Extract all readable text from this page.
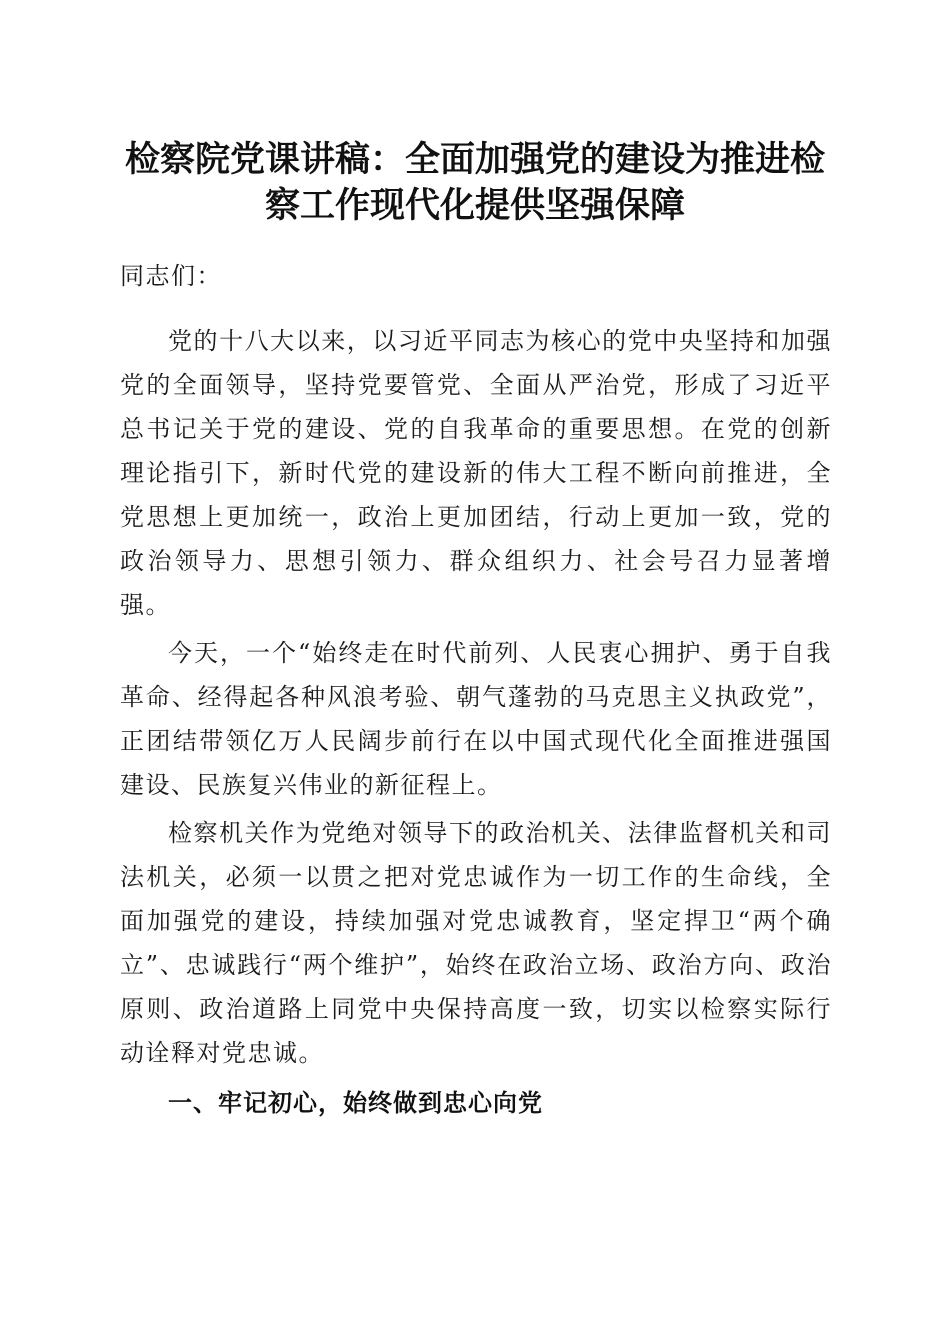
检察院党课讲稿：全面加强党的建设为推进检
察工作现代化提供坚强保障

同志们：

党的十八大以来，以习近平同志为核心的党中央坚持和加强党的全面领导，坚持党要管党、全面从严治党，形成了习近平总书记关于党的建设、党的自我革命的重要思想。在党的创新理论指引下，新时代党的建设新的伟大工程不断向前推进，全党思想上更加统一，政治上更加团结，行动上更加一致，党的政治领导力、思想引领力、群众组织力、社会号召力显著增强。

今天，一个“始终走在时代前列、人民衷心拥护、勇于自我革命、经得起各种风浪考验、朝气蓬勃的马克思主义执政党”，正团结带领亿万人民阔步前行在以中国式现代化全面推进强国建设、民族复兴伟业的新征程上。

检察机关作为党绝对领导下的政治机关、法律监督机关和司法机关，必须一以贯之把对党忠诚作为一切工作的生命线，全面加强党的建设，持续加强对党忠诚教育，坚定捍卫“两个确立”、忠诚践行“两个维护”，始终在政治立场、政治方向、政治原则、政治道路上同党中央保持高度一致，切实以检察实际行动诠释对党忠诚。

一、牢记初心，始终做到忠心向党
